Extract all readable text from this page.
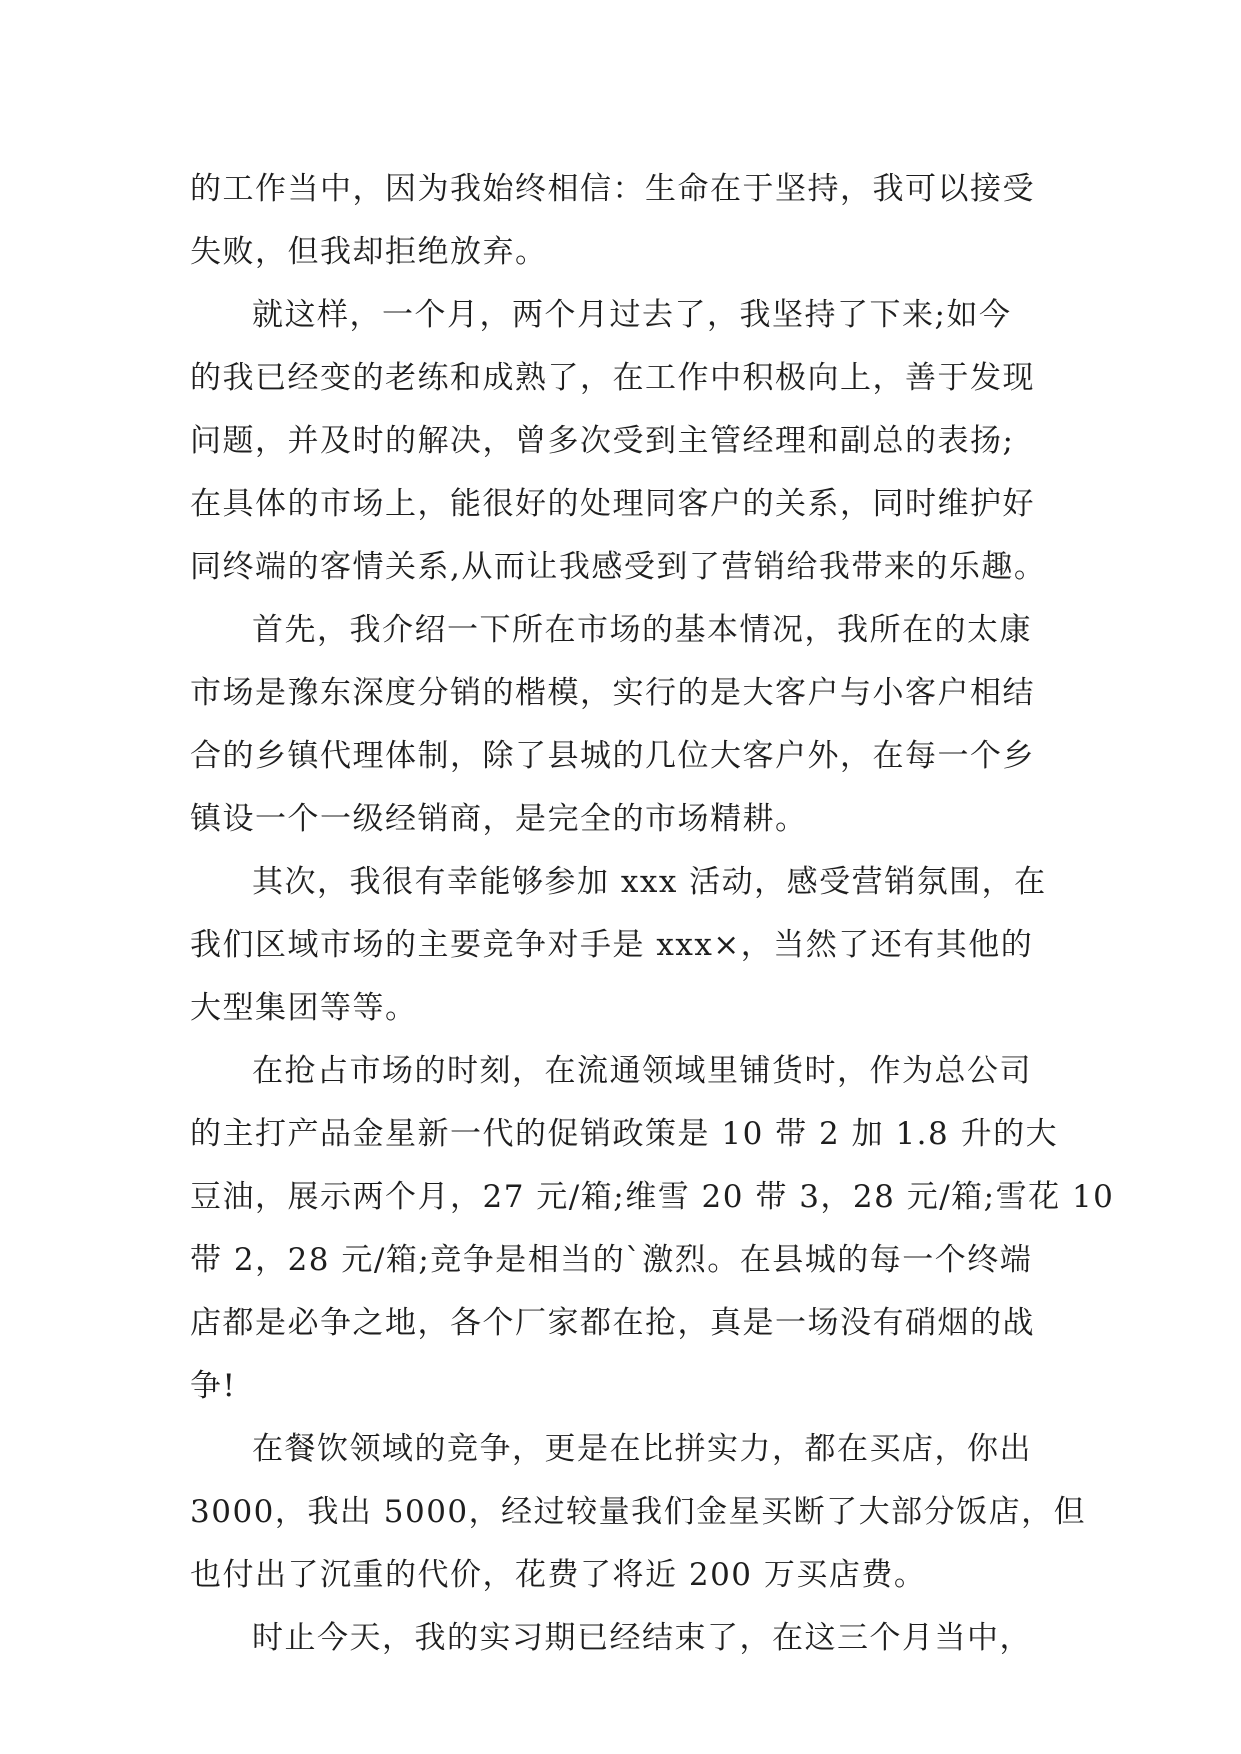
的工作当中，因为我始终相信：生命在于坚持，我可以接受
失败，但我却拒绝放弃。

就这样，一个月，两个月过去了，我坚持了下来;如今
的我已经变的老练和成熟了，在工作中积极向上，善于发现
问题，并及时的解决，曾多次受到主管经理和副总的表扬;
在具体的市场上，能很好的处理同客户的关系，同时维护好
同终端的客情关系,从而让我感受到了营销给我带来的乐趣。

首先，我介绍一下所在市场的基本情况，我所在的太康
市场是豫东深度分销的楷模，实行的是大客户与小客户相结
合的乡镇代理体制，除了县城的几位大客户外，在每一个乡
镇设一个一级经销商，是完全的市场精耕。

其次，我很有幸能够参加 xxx 活动，感受营销氛围，在
我们区域市场的主要竞争对手是 xxx×，当然了还有其他的
大型集团等等。

在抢占市场的时刻，在流通领域里铺货时，作为总公司
的主打产品金星新一代的促销政策是 10 带 2 加 1.8 升的大
豆油，展示两个月，27 元/箱;维雪 20 带 3，28 元/箱;雪花 10
带 2，28 元/箱;竞争是相当的`激烈。在县城的每一个终端
店都是必争之地，各个厂家都在抢，真是一场没有硝烟的战
争!

在餐饮领域的竞争，更是在比拼实力，都在买店，你出
3000，我出 5000，经过较量我们金星买断了大部分饭店，但
也付出了沉重的代价，花费了将近 200 万买店费。

时止今天，我的实习期已经结束了，在这三个月当中，
